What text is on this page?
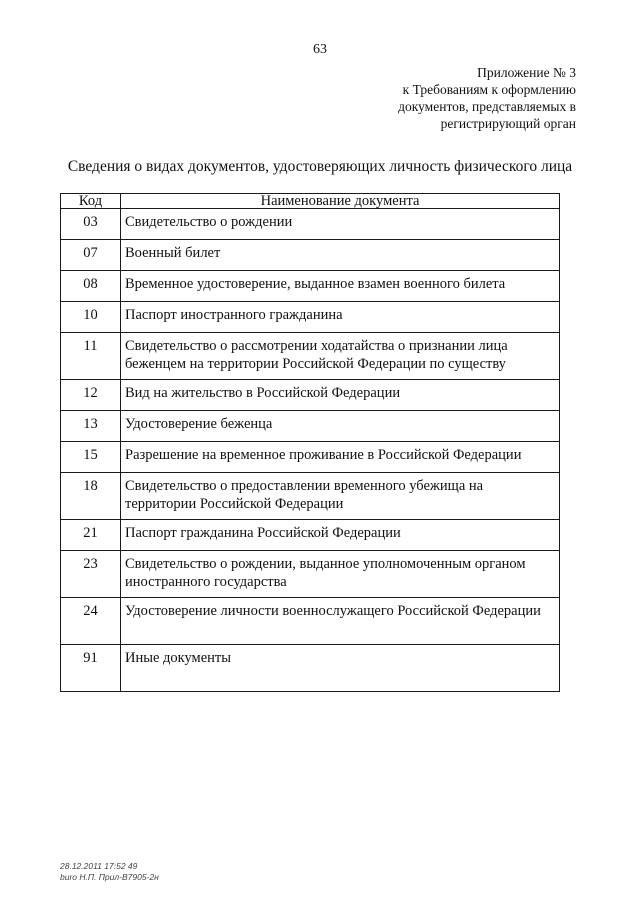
63
Приложение № 3
к Требованиям к оформлению
документов, представляемых в
регистрирующий орган
Сведения о видах документов, удостоверяющих личность физического лица
Код	Наименование документа
03	Свидетельство о рождении
07	Военный билет
08	Временное удостоверение, выданное взамен военного билета
10	Паспорт иностранного гражданина
11	Свидетельство о рассмотрении ходатайства о признании лица беженцем на территории Российской Федерации по существу
12	Вид на жительство в Российской Федерации
13	Удостоверение беженца
15	Разрешение на временное проживание в Российской Федерации
18	Свидетельство о предоставлении временного убежища на территории Российской Федерации
21	Паспорт гражданина Российской Федерации
23	Свидетельство о рождении, выданное уполномоченным органом иностранного государства
24	Удостоверение личности военнослужащего Российской Федерации
91	Иные документы
28.12.2011 17:52 49
buro Н.П. Прил-В7905-2н
